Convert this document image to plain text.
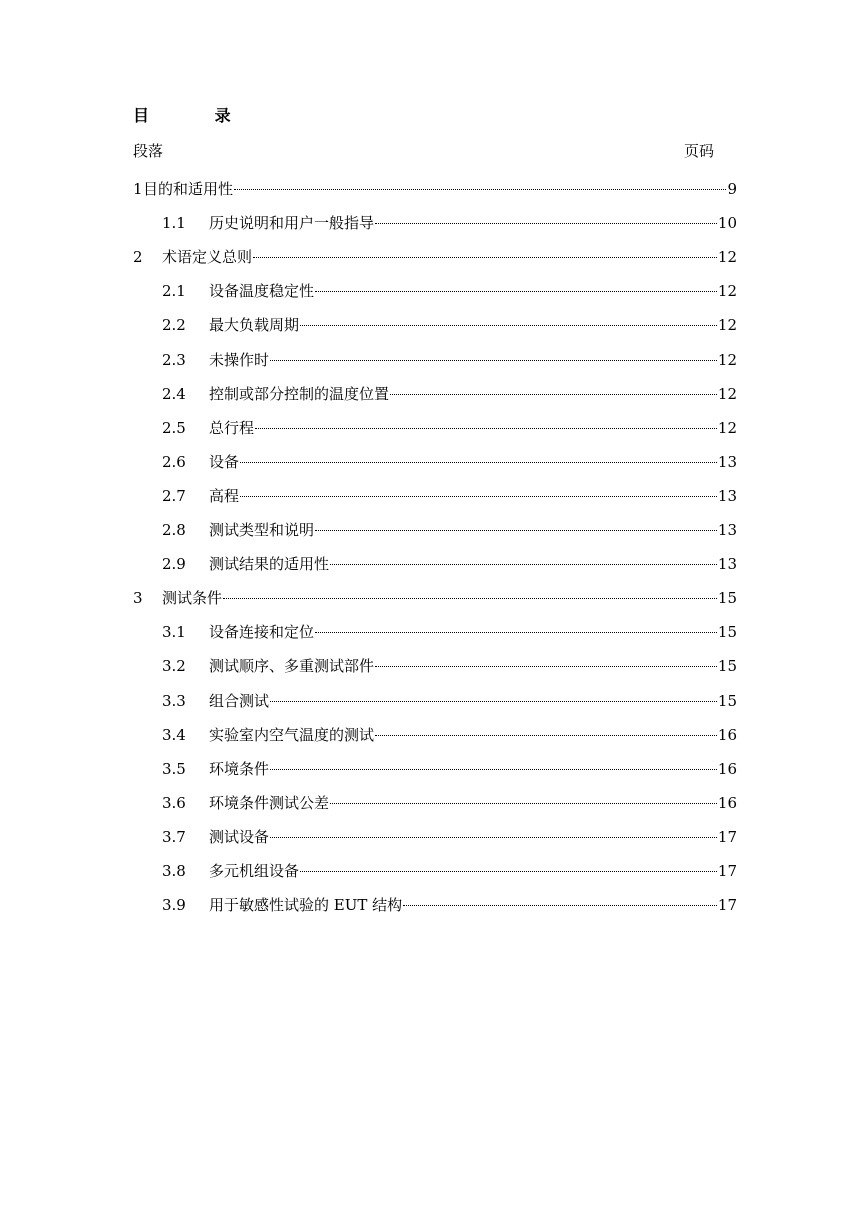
目 录
段落	页码
1 目的和适用性	9
1.1	历史说明和用户一般指导	10
2	术语定义总则	12
2.1	设备温度稳定性	12
2.2	最大负载周期	12
2.3	未操作时	12
2.4	控制或部分控制的温度位置	12
2.5	总行程	12
2.6	设备	13
2.7	高程	13
2.8	测试类型和说明	13
2.9	测试结果的适用性	13
3	测试条件	15
3.1	设备连接和定位	15
3.2	测试顺序、多重测试部件	15
3.3	组合测试	15
3.4	实验室内空气温度的测试	16
3.5	环境条件	16
3.6	环境条件测试公差	16
3.7	测试设备	17
3.8	多元机组设备	17
3.9	用于敏感性试验的 EUT 结构	17
